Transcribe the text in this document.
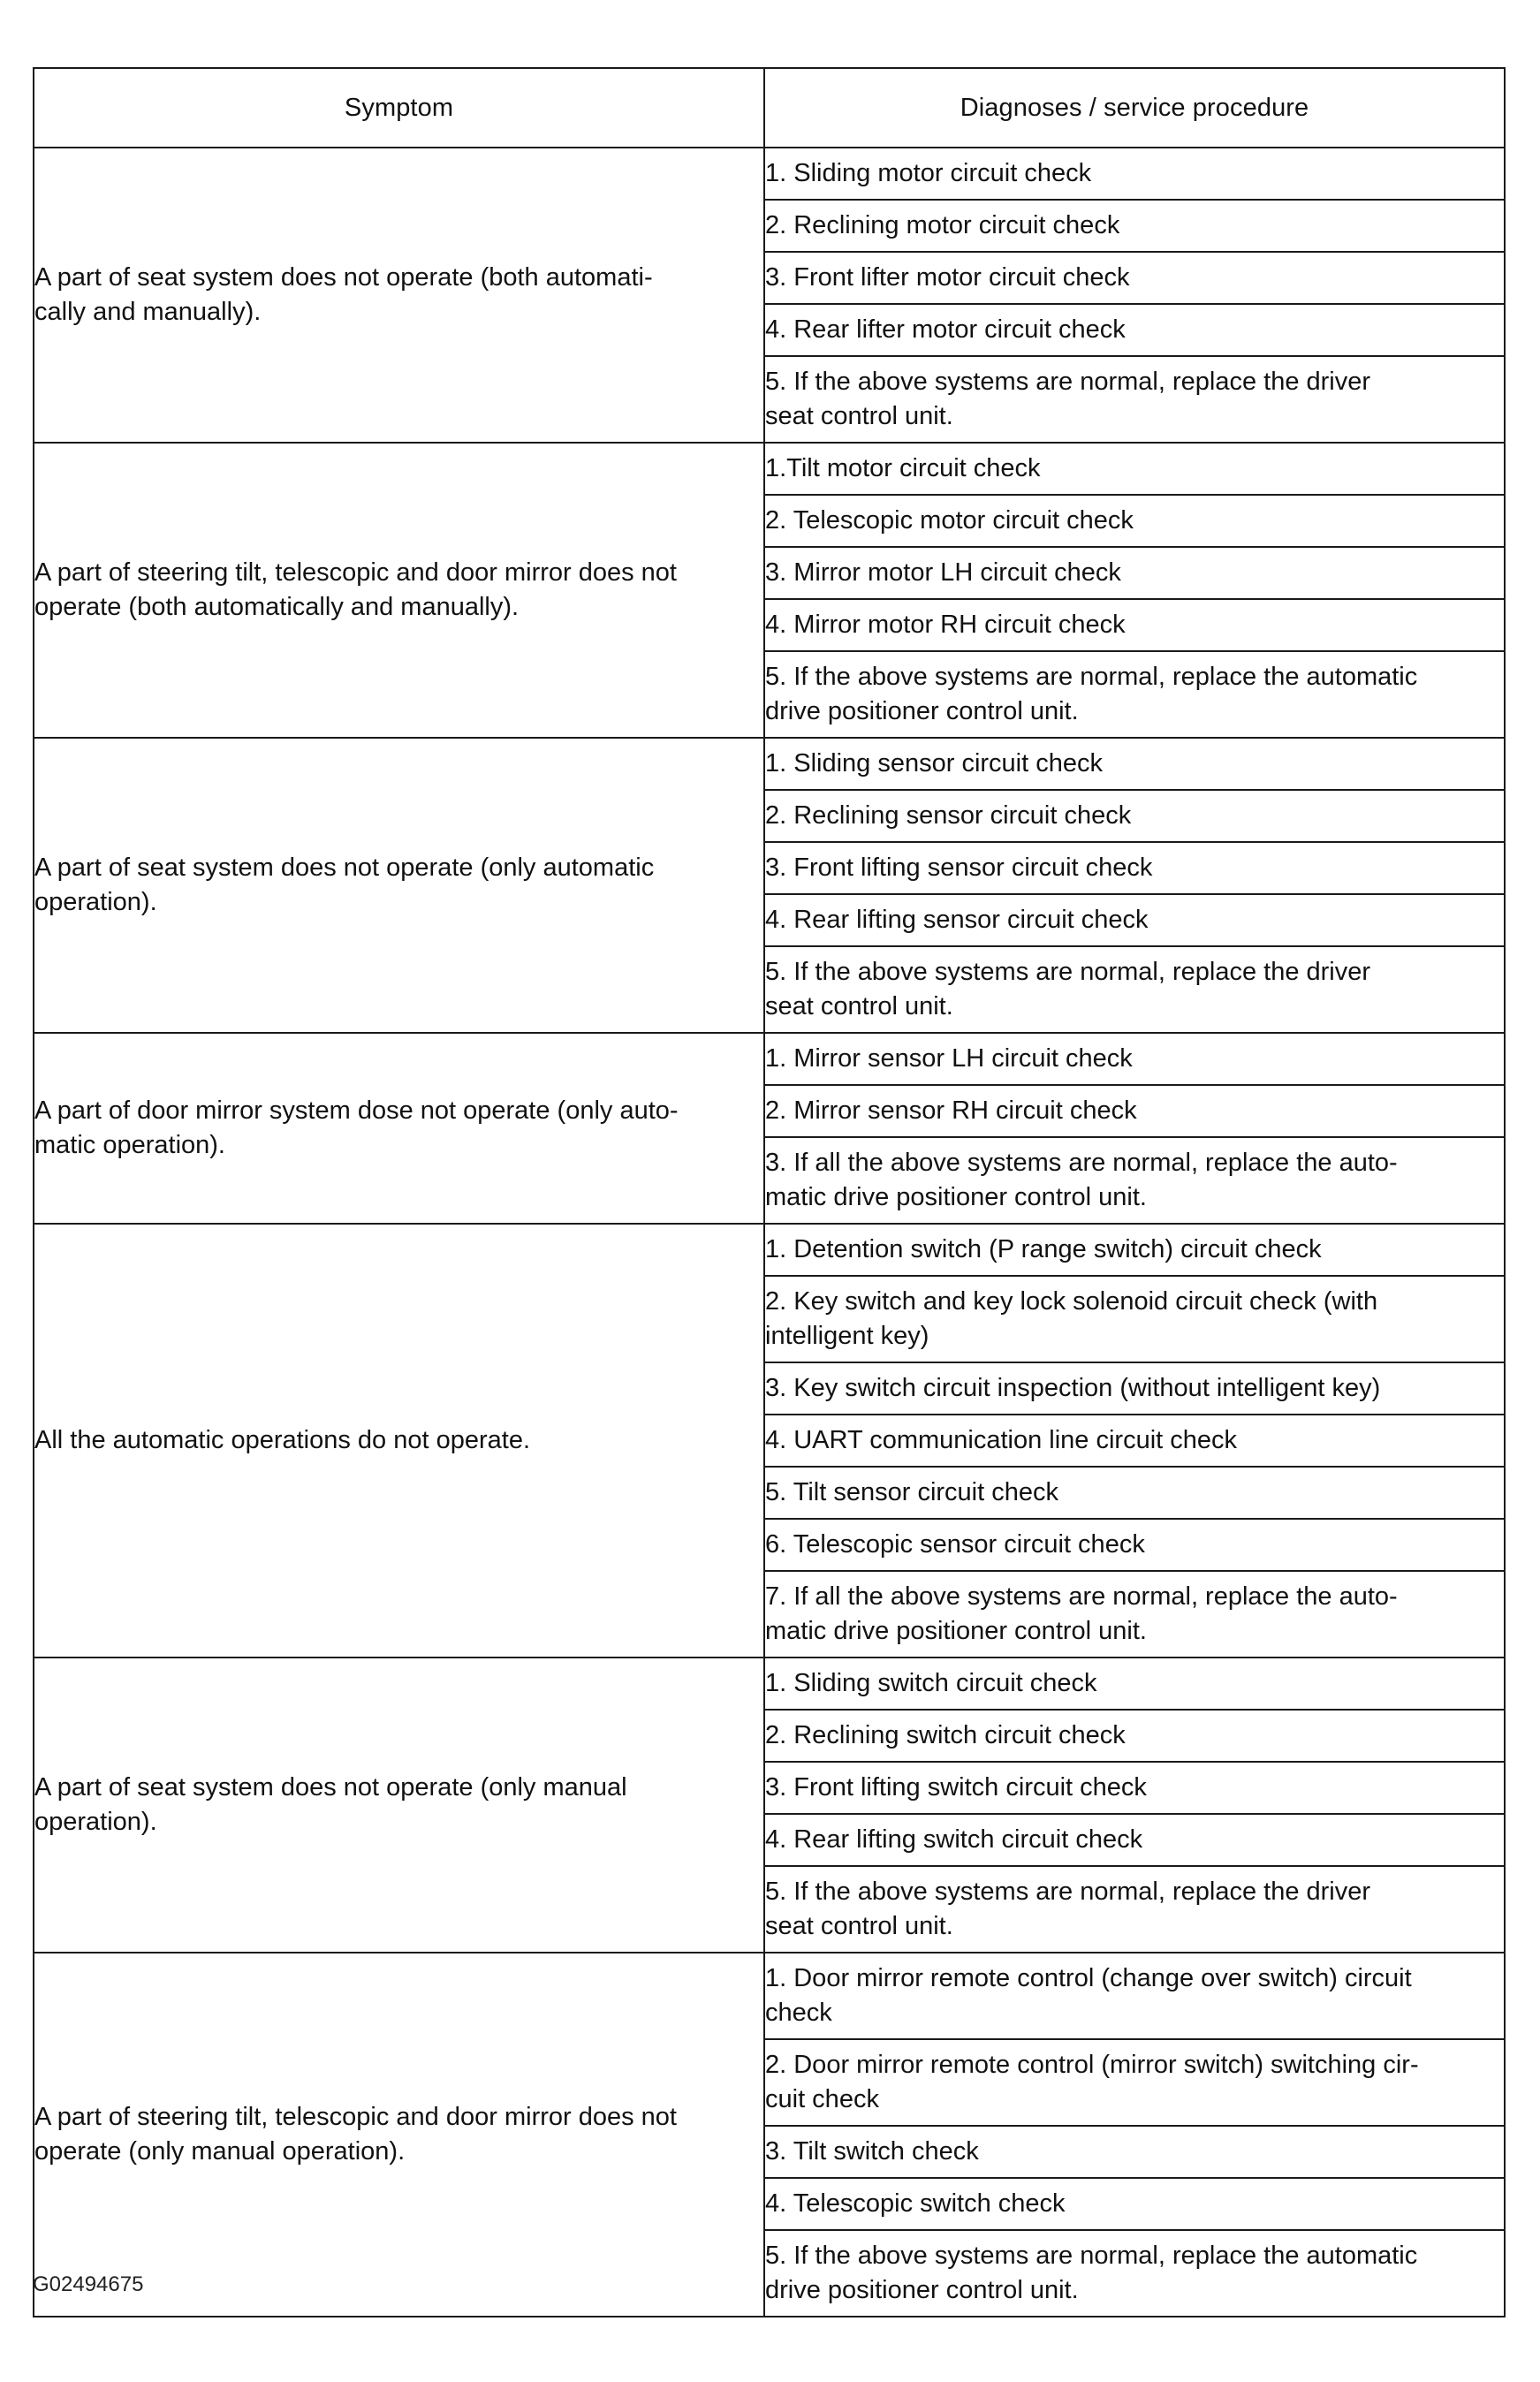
Symptom	Diagnoses / service procedure
A part of seat system does not operate (both automati-
cally and manually).	1. Sliding motor circuit check
	2. Reclining motor circuit check
	3. Front lifter motor circuit check
	4. Rear lifter motor circuit check
	5. If the above systems are normal, replace the driver
seat control unit.
A part of steering tilt, telescopic and door mirror does not
operate (both automatically and manually).	1.Tilt motor circuit check
	2. Telescopic motor circuit check
	3. Mirror motor LH circuit check
	4. Mirror motor RH circuit check
	5. If the above systems are normal, replace the automatic
drive positioner control unit.
A part of seat system does not operate (only automatic
operation).	1. Sliding sensor circuit check
	2. Reclining sensor circuit check
	3. Front lifting sensor circuit check
	4. Rear lifting sensor circuit check
	5. If the above systems are normal, replace the driver
seat control unit.
A part of door mirror system dose not operate (only auto-
matic operation).	1. Mirror sensor LH circuit check
	2. Mirror sensor RH circuit check
	3. If all the above systems are normal, replace the auto-
matic drive positioner control unit.
All the automatic operations do not operate.	1. Detention switch (P range switch) circuit check
	2. Key switch and key lock solenoid circuit check (with
intelligent key)
	3. Key switch circuit inspection (without intelligent key)
	4. UART communication line circuit check
	5. Tilt sensor circuit check
	6. Telescopic sensor circuit check
	7. If all the above systems are normal, replace the auto-
matic drive positioner control unit.
A part of seat system does not operate (only manual
operation).	1. Sliding switch circuit check
	2. Reclining switch circuit check
	3. Front lifting switch circuit check
	4. Rear lifting switch circuit check
	5. If the above systems are normal, replace the driver
seat control unit.
A part of steering tilt, telescopic and door mirror does not
operate (only manual operation).	1. Door mirror remote control (change over switch) circuit
check
	2. Door mirror remote control (mirror switch) switching cir-
cuit check
	3. Tilt switch check
	4. Telescopic switch check
	5. If the above systems are normal, replace the automatic
drive positioner control unit.
G02494675
